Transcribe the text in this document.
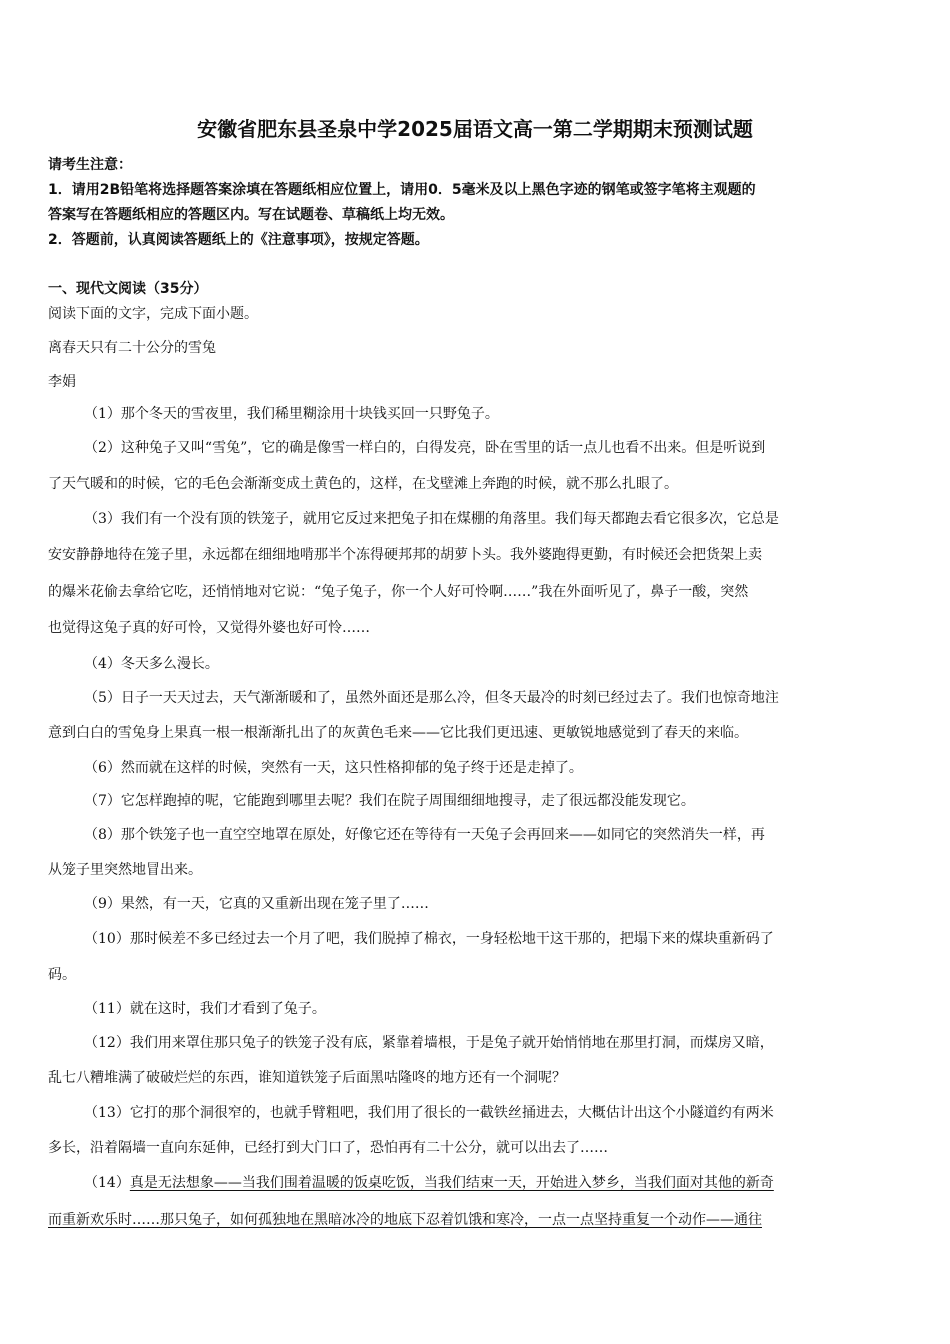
安徽省肥东县圣泉中学2025届语文高一第二学期期末预测试题
请考生注意：
1．请用2B铅笔将选择题答案涂填在答题纸相应位置上，请用0．5毫米及以上黑色字迹的钢笔或签字笔将主观题的
答案写在答题纸相应的答题区内。写在试题卷、草稿纸上均无效。
2．答题前，认真阅读答题纸上的《注意事项》，按规定答题。
一、现代文阅读（35分）
阅读下面的文字，完成下面小题。
离春天只有二十公分的雪兔
李娟
（1）那个冬天的雪夜里，我们稀里糊涂用十块钱买回一只野兔子。
（2）这种兔子又叫“雪兔”，它的确是像雪一样白的，白得发亮，卧在雪里的话一点儿也看不出来。但是听说到
了天气暖和的时候，它的毛色会渐渐变成土黄色的，这样，在戈壁滩上奔跑的时候，就不那么扎眼了。
（3）我们有一个没有顶的铁笼子，就用它反过来把兔子扣在煤棚的角落里。我们每天都跑去看它很多次，它总是
安安静静地待在笼子里，永远都在细细地啃那半个冻得硬邦邦的胡萝卜头。我外婆跑得更勤，有时候还会把货架上卖
的爆米花偷去拿给它吃，还悄悄地对它说：“兔子兔子，你一个人好可怜啊……”我在外面听见了，鼻子一酸，突然
也觉得这兔子真的好可怜，又觉得外婆也好可怜……
（4）冬天多么漫长。
（5）日子一天天过去，天气渐渐暖和了，虽然外面还是那么冷，但冬天最冷的时刻已经过去了。我们也惊奇地注
意到白白的雪兔身上果真一根一根渐渐扎出了的灰黄色毛来——它比我们更迅速、更敏锐地感觉到了春天的来临。
（6）然而就在这样的时候，突然有一天，这只性格抑郁的兔子终于还是走掉了。
（7）它怎样跑掉的呢，它能跑到哪里去呢？我们在院子周围细细地搜寻，走了很远都没能发现它。
（8）那个铁笼子也一直空空地罩在原处，好像它还在等待有一天兔子会再回来——如同它的突然消失一样，再
从笼子里突然地冒出来。
（9）果然，有一天，它真的又重新出现在笼子里了……
（10）那时候差不多已经过去一个月了吧，我们脱掉了棉衣，一身轻松地干这干那的，把塌下来的煤块重新码了
码。
（11）就在这时，我们才看到了兔子。
（12）我们用来罩住那只兔子的铁笼子没有底，紧靠着墙根，于是兔子就开始悄悄地在那里打洞，而煤房又暗，
乱七八糟堆满了破破烂烂的东西，谁知道铁笼子后面黑咕隆咚的地方还有一个洞呢？
（13）它打的那个洞很窄的，也就手臂粗吧，我们用了很长的一截铁丝捅进去，大概估计出这个小隧道约有两米
多长，沿着隔墙一直向东延伸，已经打到大门口了，恐怕再有二十公分，就可以出去了……
（14）真是无法想象——当我们围着温暖的饭桌吃饭，当我们结束一天，开始进入梦乡，当我们面对其他的新奇
而重新欢乐时……那只兔子，如何孤独地在黑暗冰冷的地底下忍着饥饿和寒冷，一点一点坚持重复一个动作——通往
